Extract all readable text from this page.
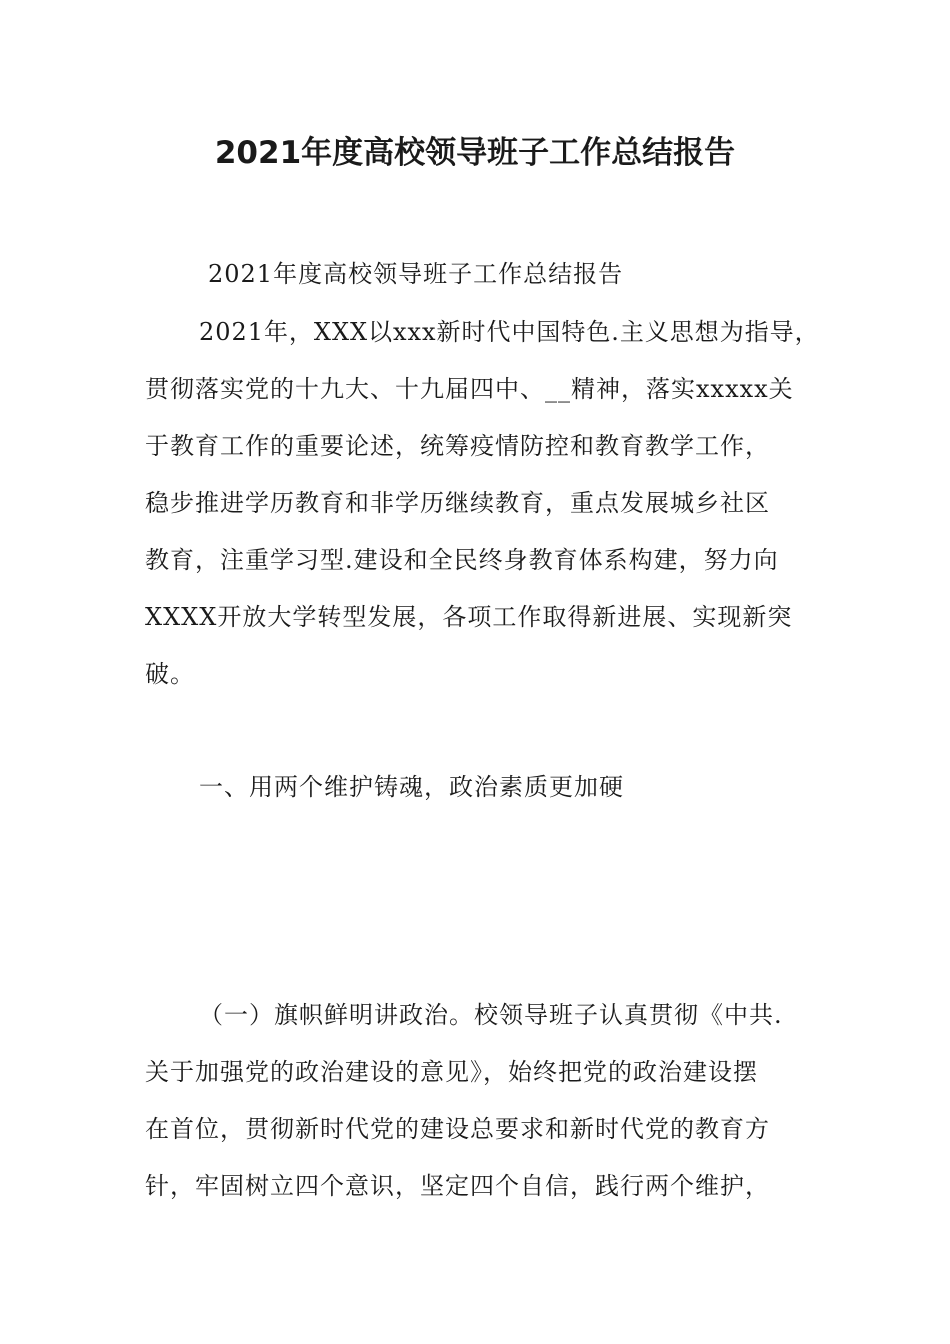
2021年度高校领导班子工作总结报告
2021年度高校领导班子工作总结报告
2021年，XXX以xxx新时代中国特色.主义思想为指导，
贯彻落实党的十九大、十九届四中、__精神，落实xxxxx关
于教育工作的重要论述，统筹疫情防控和教育教学工作，
稳步推进学历教育和非学历继续教育，重点发展城乡社区
教育，注重学习型.建设和全民终身教育体系构建，努力向
XXXX开放大学转型发展，各项工作取得新进展、实现新突
破。
一、用两个维护铸魂，政治素质更加硬
（一）旗帜鲜明讲政治。校领导班子认真贯彻《中共.
关于加强党的政治建设的意见》，始终把党的政治建设摆
在首位，贯彻新时代党的建设总要求和新时代党的教育方
针，牢固树立四个意识，坚定四个自信，践行两个维护，
